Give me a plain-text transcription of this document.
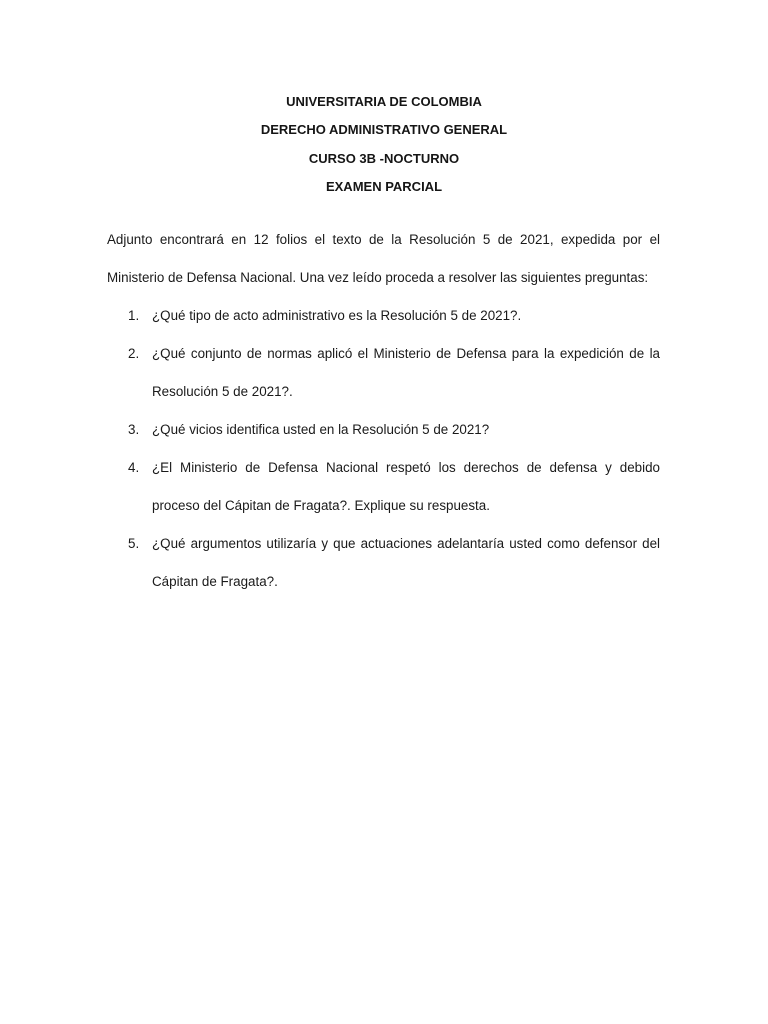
UNIVERSITARIA DE COLOMBIA
DERECHO ADMINISTRATIVO GENERAL
CURSO 3B -NOCTURNO
EXAMEN PARCIAL

Adjunto encontrará en 12 folios el texto de la Resolución 5 de 2021, expedida por el Ministerio de Defensa Nacional. Una vez leído proceda a resolver las siguientes preguntas:

1. ¿Qué tipo de acto administrativo es la Resolución 5 de 2021?.
2. ¿Qué conjunto de normas aplicó el Ministerio de Defensa para la expedición de la Resolución 5 de 2021?.
3. ¿Qué vicios identifica usted en la Resolución 5 de 2021?
4. ¿El Ministerio de Defensa Nacional respetó los derechos de defensa y debido proceso del Cápitan de Fragata?. Explique su respuesta.
5. ¿Qué argumentos utilizaría y que actuaciones adelantaría usted como defensor del Cápitan de Fragata?.
